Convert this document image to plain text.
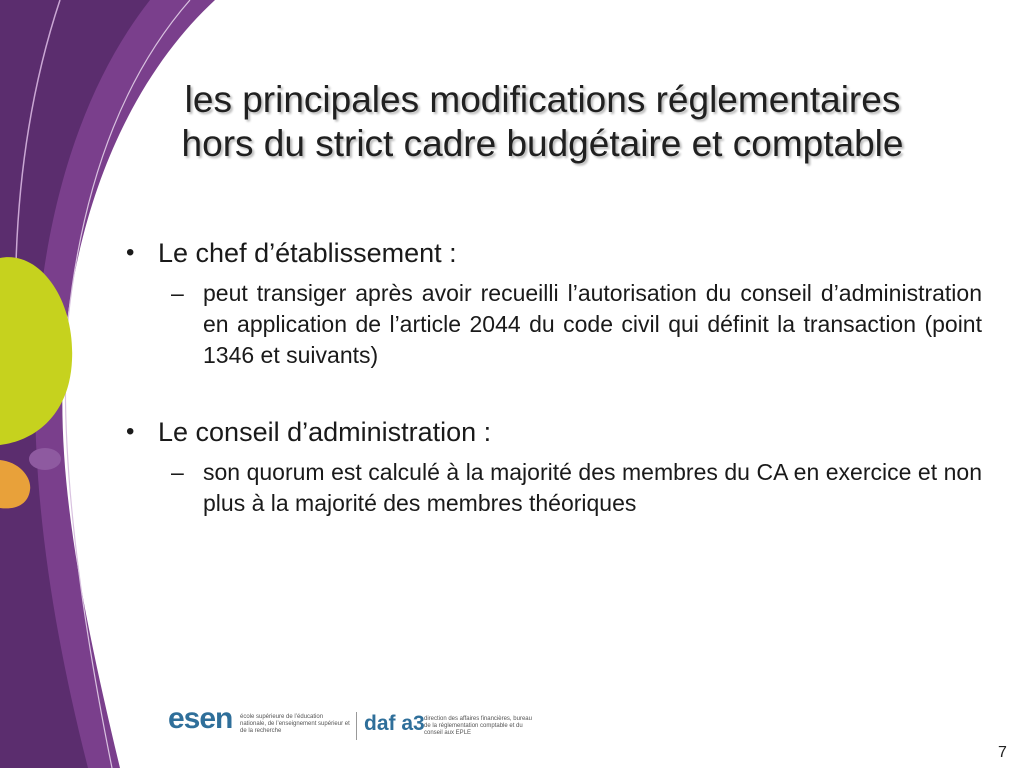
les principales modifications réglementaires
hors du strict cadre budgétaire et comptable
• Le chef d’établissement :
– peut transiger après avoir recueilli l’autorisation du conseil d’administration en application de l’article 2044 du code civil qui définit la transaction (point 1346 et suivants)
• Le conseil d’administration :
– son quorum est calculé à la majorité des membres du CA en exercice et non plus à la majorité des membres théoriques
esen école supérieure de l’éducation nationale, de l’enseignement supérieur et de la recherche	daf a3 direction des affaires financières, bureau de la réglementation comptable et du conseil aux EPLE
7
